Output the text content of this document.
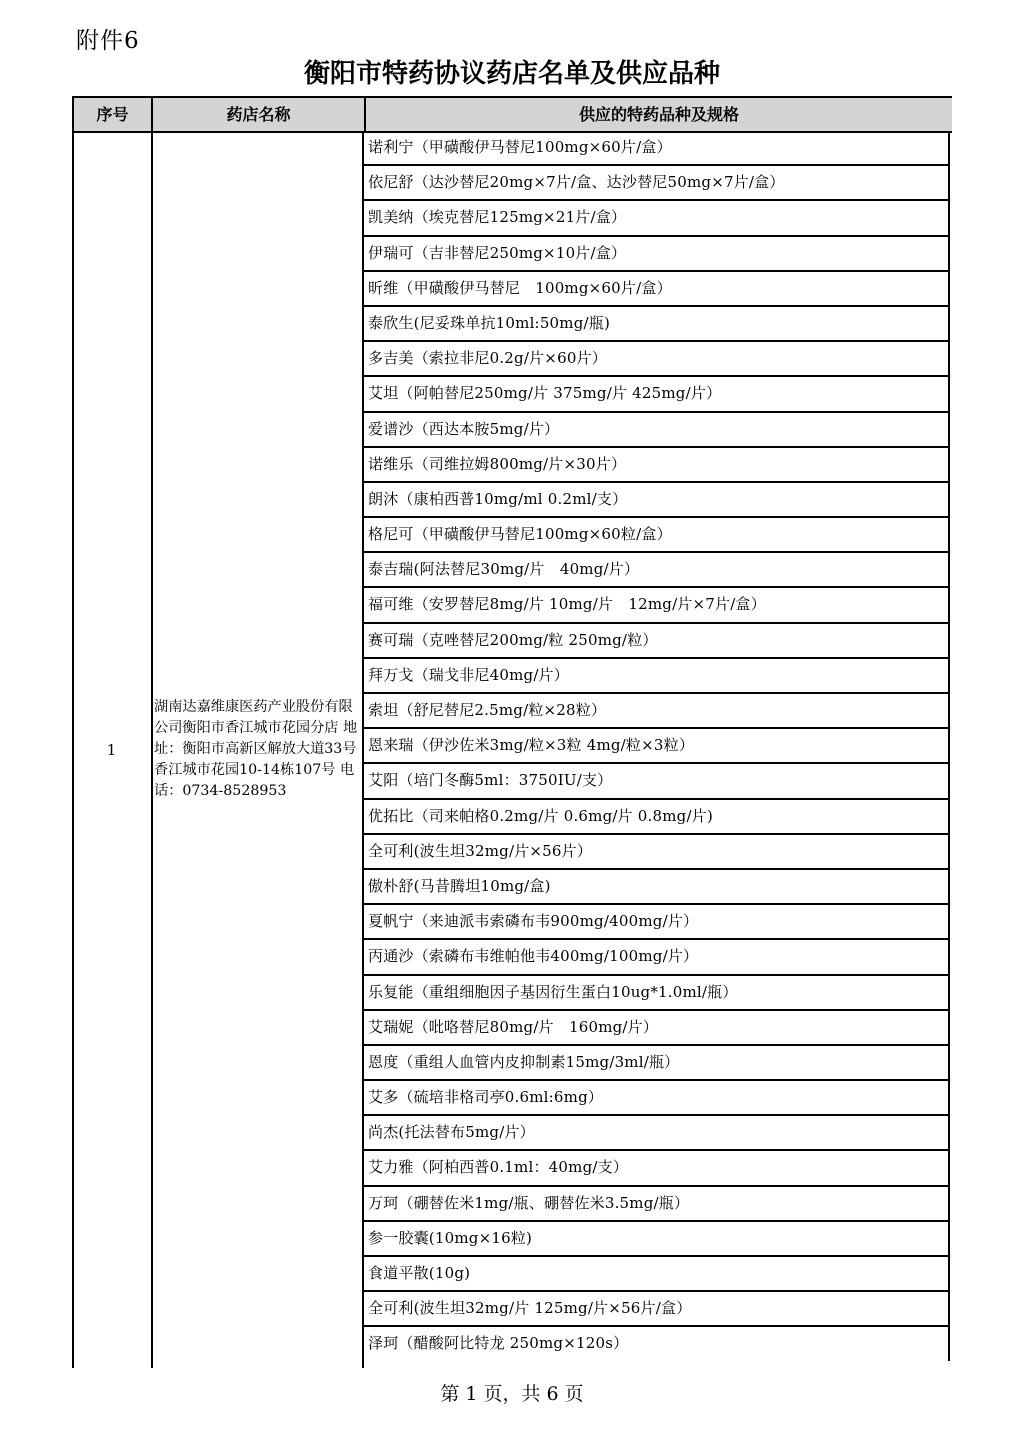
附件6
衡阳市特药协议药店名单及供应品种
序号	药店名称	供应的特药品种及规格
1
湖南达嘉维康医药产业股份有限公司衡阳市香江城市花园分店 地址：衡阳市高新区解放大道33号香江城市花园10-14栋107号 电话：0734-8528953
诺利宁（甲磺酸伊马替尼100mg×60片/盒）
依尼舒（达沙替尼20mg×7片/盒、达沙替尼50mg×7片/盒）
凯美纳（埃克替尼125mg×21片/盒）
伊瑞可（吉非替尼250mg×10片/盒）
昕维（甲磺酸伊马替尼　100mg×60片/盒）
泰欣生(尼妥珠单抗10ml:50mg/瓶)
多吉美（索拉非尼0.2g/片×60片）
艾坦（阿帕替尼250mg/片 375mg/片 425mg/片）
爱谱沙（西达本胺5mg/片）
诺维乐（司维拉姆800mg/片×30片）
朗沐（康柏西普10mg/ml 0.2ml/支）
格尼可（甲磺酸伊马替尼100mg×60粒/盒）
泰吉瑞(阿法替尼30mg/片　40mg/片）
福可维（安罗替尼8mg/片 10mg/片　12mg/片×7片/盒）
赛可瑞（克唑替尼200mg/粒 250mg/粒）
拜万戈（瑞戈非尼40mg/片）
索坦（舒尼替尼2.5mg/粒×28粒）
恩来瑞（伊沙佐米3mg/粒×3粒 4mg/粒×3粒）
艾阳（培门冬酶5ml：3750IU/支）
优拓比（司来帕格0.2mg/片 0.6mg/片 0.8mg/片)
全可利(波生坦32mg/片×56片）
傲朴舒(马昔腾坦10mg/盒)
夏帆宁（来迪派韦索磷布韦900mg/400mg/片）
丙通沙（索磷布韦维帕他韦400mg/100mg/片）
乐复能（重组细胞因子基因衍生蛋白10ug*1.0ml/瓶）
艾瑞妮（吡咯替尼80mg/片　160mg/片）
恩度（重组人血管内皮抑制素15mg/3ml/瓶）
艾多（硫培非格司亭0.6ml:6mg）
尚杰(托法替布5mg/片）
艾力雅（阿柏西普0.1ml：40mg/支）
万珂（硼替佐米1mg/瓶、硼替佐米3.5mg/瓶）
参一胶囊(10mg×16粒)
食道平散(10g)
全可利(波生坦32mg/片 125mg/片×56片/盒）
泽珂（醋酸阿比特龙 250mg×120s）
第 1 页，共 6 页
